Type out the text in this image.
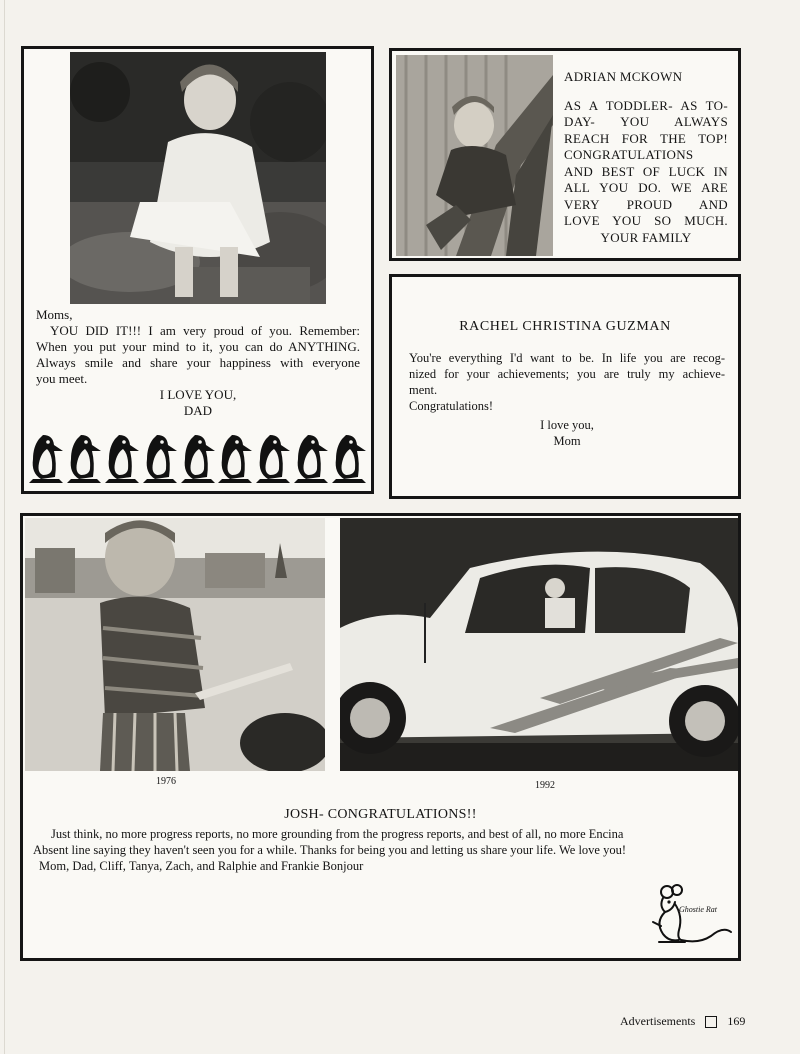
Moms,
YOU DID IT!!! I am very proud of you. Remember:
When you put your mind to it, you can do ANYTHING.
Always smile and share your happiness with everyone
you meet.
I LOVE YOU,
DAD
ADRIAN MCKOWN
AS A TODDLER- AS TO-
DAY- YOU ALWAYS
REACH FOR THE TOP!
CONGRATULATIONS
AND BEST OF LUCK IN
ALL YOU DO. WE ARE
VERY PROUD AND
LOVE YOU SO MUCH.
YOUR FAMILY
RACHEL CHRISTINA GUZMAN
You're everything I'd want to be. In life you are recog-
nized for your achievements; you are truly my achieve-
ment.
Congratulations!
I love you,
Mom
1976	1992
JOSH- CONGRATULATIONS!!
Just think, no more progress reports, no more grounding from the progress reports, and best of all, no more Encina
Absent line saying they haven't seen you for a while. Thanks for being you and letting us share your life. We love you!
Mom, Dad, Cliff, Tanya, Zach, and Ralphie and Frankie Bonjour
Ghostie Rat
Advertisements	169
